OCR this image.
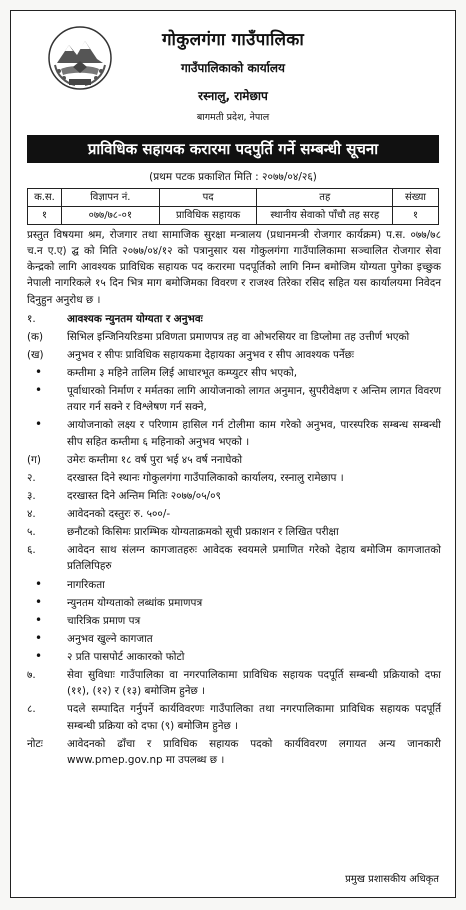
गोकुलगंगा गाउँपालिका
गाउँपालिकाको कार्यालय
रस्नालु, रामेछाप
बागमती प्रदेश, नेपाल
प्राविधिक सहायक करारमा पदपुर्ति गर्ने सम्बन्धी सूचना
(प्रथम पटक प्रकाशित मिति : २०७७/०४/२६)
क.स.	विज्ञापन नं.	पद	तह	संख्या
१	०७७/७८-०१	प्राविधिक सहायक	स्थानीय सेवाको पाँचौ तह सरह	१
प्रस्तुत विषयमा श्रम, रोजगार तथा सामाजिक सुरक्षा मन्त्रालय (प्रधानमन्त्री रोजगार कार्यक्रम) प.स. ०७७/७८ च.न ए.ए) द्घ को मिति २०७७/०४/१२ को पत्रानुसार यस गोकुलगंगा गाउँपालिकामा सञ्चालित रोजगार सेवा केन्द्रको लागि आवश्यक प्राविधिक सहायक पद करारमा पदपूर्तिको लागि निम्न बमोजिम योग्यता पुगेका इच्छुक नेपाली नागरिकले १५ दिन भित्र माग बमोजिमका विवरण र राजश्व तिरेका रसिद सहित यस कार्यालयमा निवेदन दिनुहुन अनुरोध छ ।
१.	आवश्यक न्युनतम योग्यता र अनुभवः
(क)	सिभिल इन्जिनियरिङमा प्रविणता प्रमाणपत्र तह वा ओभरसियर वा डिप्लोमा तह उत्तीर्ण भएको
(ख)	अनुभव र सीपः प्राविधिक सहायकमा देहायका अनुभव र सीप आवश्यक पर्नेछः
•	कम्तीमा ३ महिने तालिम लिई आधारभूत कम्प्युटर सीप भएको,
•	पूर्वाधारको निर्माण र मर्मतका लागि आयोजनाको लागत अनुमान, सुपरीवेक्षण र अन्तिम लागत विवरण तयार गर्न सक्ने र विश्लेषण गर्न सक्ने,
•	आयोजनाको लक्ष्य र परिणाम हासिल गर्न टोलीमा काम गरेको अनुभव, पारस्परिक सम्बन्ध सम्बन्धी सीप सहित कम्तीमा ६ महिनाको अनुभव भएको ।
(ग)	उमेरः कम्तीमा १८ वर्ष पुरा भई ४५ वर्ष ननाघेको
२.	दरखास्त दिने स्थानः गोकुलगंगा गाउँपालिकाको कार्यालय, रस्नालु रामेछाप ।
३.	दरखास्त दिने अन्तिम मितिः २०७७/०५/०९
४.	आवेदनको दस्तुरः रु. ५००/-
५.	छनौटको किसिमः प्रारम्भिक योग्यताक्रमको सूची प्रकाशन र लिखित परीक्षा
६.	आवेदन साथ संलग्न कागजातहरुः आवेदक स्वयमले प्रमाणित गरेको देहाय बमोजिम कागजातको प्रतिलिपिहरु
•	नागरिकता
•	न्युनतम योग्यताको लब्धांक प्रमाणपत्र
•	चारित्रिक प्रमाण पत्र
•	अनुभव खुल्ने कागजात
•	२ प्रति पासपोर्ट आकारको फोटो
७.	सेवा सुविधाः गाउँपालिका वा नगरपालिकामा प्राविधिक सहायक पदपूर्ति सम्बन्धी प्रक्रियाको दफा (११), (१२) र (१३) बमोजिम हुनेछ ।
८.	पदले सम्पादित गर्नुपर्ने कार्यविवरणः गाउँपालिका तथा नगरपालिकामा प्राविधिक सहायक पदपूर्ति सम्बन्धी प्रक्रिया को दफा (९) बमोजिम हुनेछ ।
नोटः	आवेदनको ढाँचा र प्राविधिक सहायक पदको कार्यविवरण लगायत अन्य जानकारी www.pmep.gov.np मा उपलब्ध छ ।
प्रमुख प्रशासकीय अधिकृत
